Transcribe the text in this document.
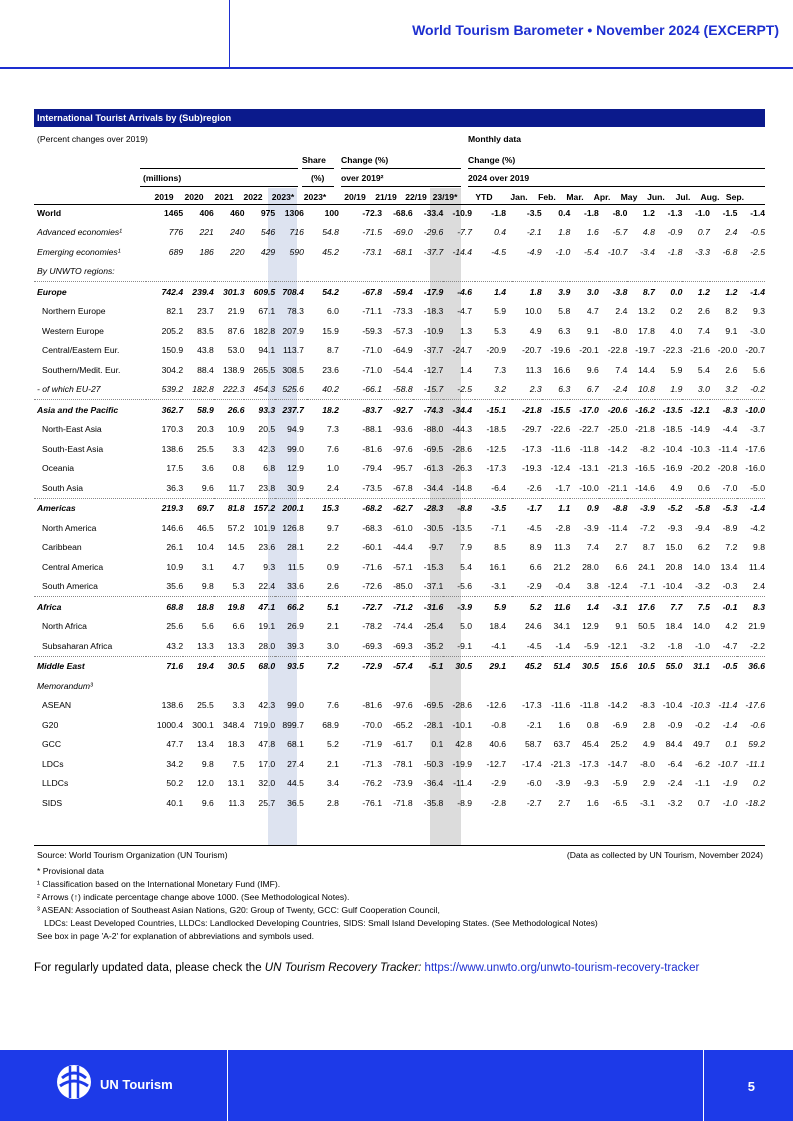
World Tourism Barometer • November 2024 (EXCERPT)
International Tourist Arrivals by (Sub)region
(Percent changes over 2019)	Monthly data
Share Change (%)	Change (%)
(millions)	(%) over 2019²	2024 over 2019
2019	2020	2021	2022	2023*	2023*	20/19	21/19 22/19 23/19*	YTD	Jan.	Feb.	Mar.	Apr.	May	Jun.	Jul.	Aug. Sep.
World	1465	406	460	975	1306	100	-72.3	-68.6	-33.4	-10.9	-1.8	-3.5	0.4	-1.8	-8.0	1.2	-1.3	-1.0	-1.5	-1.4
Advanced economies¹	776	221	240	546	716	54.8	-71.5	-69.0	-29.6	-7.7	0.4	-2.1	1.8	1.6	-5.7	4.8	-0.9	0.7	2.4	-0.5
Emerging economies¹	689	186	220	429	590	45.2	-73.1	-68.1	-37.7	-14.4	-4.5	-4.9	-1.0	-5.4	-10.7	-3.4	-1.8	-3.3	-6.8	-2.5
By UNWTO regions:																				
Europe	742.4	239.4	301.3	609.5	708.4	54.2	-67.8	-59.4	-17.9	-4.6	1.4	1.8	3.9	3.0	-3.8	8.7	0.0	1.2	1.2	-1.4
Northern Europe	82.1	23.7	21.9	67.1	78.3	6.0	-71.1	-73.3	-18.3	-4.7	5.9	10.0	5.8	4.7	2.4	13.2	0.2	2.6	8.2	9.3
Western Europe	205.2	83.5	87.6	182.8	207.9	15.9	-59.3	-57.3	-10.9	1.3	5.3	4.9	6.3	9.1	-8.0	17.8	4.0	7.4	9.1	-3.0
Central/Eastern Eur.	150.9	43.8	53.0	94.1	113.7	8.7	-71.0	-64.9	-37.7	-24.7	-20.9	-20.7	-19.6	-20.1	-22.8	-19.7	-22.3	-21.6	-20.0	-20.7
Southern/Medit. Eur.	304.2	88.4	138.9	265.5	308.5	23.6	-71.0	-54.4	-12.7	1.4	7.3	11.3	16.6	9.6	7.4	14.4	5.9	5.4	2.6	5.6
- of which EU-27	539.2	182.8	222.3	454.3	525.6	40.2	-66.1	-58.8	-15.7	-2.5	3.2	2.3	6.3	6.7	-2.4	10.8	1.9	3.0	3.2	-0.2
Asia and the Pacific	362.7	58.9	26.6	93.3	237.7	18.2	-83.7	-92.7	-74.3	-34.4	-15.1	-21.8	-15.5	-17.0	-20.6	-16.2	-13.5	-12.1	-8.3	-10.0
North-East Asia	170.3	20.3	10.9	20.5	94.9	7.3	-88.1	-93.6	-88.0	-44.3	-18.5	-29.7	-22.6	-22.7	-25.0	-21.8	-18.5	-14.9	-4.4	-3.7
South-East Asia	138.6	25.5	3.3	42.3	99.0	7.6	-81.6	-97.6	-69.5	-28.6	-12.5	-17.3	-11.6	-11.8	-14.2	-8.2	-10.4	-10.3	-11.4	-17.6
Oceania	17.5	3.6	0.8	6.8	12.9	1.0	-79.4	-95.7	-61.3	-26.3	-17.3	-19.3	-12.4	-13.1	-21.3	-16.5	-16.9	-20.2	-20.8	-16.0
South Asia	36.3	9.6	11.7	23.8	30.9	2.4	-73.5	-67.8	-34.4	-14.8	-6.4	-2.6	-1.7	-10.0	-21.1	-14.6	4.9	0.6	-7.0	-5.0
Americas	219.3	69.7	81.8	157.2	200.1	15.3	-68.2	-62.7	-28.3	-8.8	-3.5	-1.7	1.1	0.9	-8.8	-3.9	-5.2	-5.8	-5.3	-1.4
North America	146.6	46.5	57.2	101.9	126.8	9.7	-68.3	-61.0	-30.5	-13.5	-7.1	-4.5	-2.8	-3.9	-11.4	-7.2	-9.3	-9.4	-8.9	-4.2
Caribbean	26.1	10.4	14.5	23.6	28.1	2.2	-60.1	-44.4	-9.7	7.9	8.5	8.9	11.3	7.4	2.7	8.7	15.0	6.2	7.2	9.8
Central America	10.9	3.1	4.7	9.3	11.5	0.9	-71.6	-57.1	-15.3	5.4	16.1	6.6	21.2	28.0	6.6	24.1	20.8	14.0	13.4	11.4
South America	35.6	9.8	5.3	22.4	33.6	2.6	-72.6	-85.0	-37.1	-5.6	-3.1	-2.9	-0.4	3.8	-12.4	-7.1	-10.4	-3.2	-0.3	2.4
Africa	68.8	18.8	19.8	47.1	66.2	5.1	-72.7	-71.2	-31.6	-3.9	5.9	5.2	11.6	1.4	-3.1	17.6	7.7	7.5	-0.1	8.3
North Africa	25.6	5.6	6.6	19.1	26.9	2.1	-78.2	-74.4	-25.4	5.0	18.4	24.6	34.1	12.9	9.1	50.5	18.4	14.0	4.2	21.9
Subsaharan Africa	43.2	13.3	13.3	28.0	39.3	3.0	-69.3	-69.3	-35.2	-9.1	-4.1	-4.5	-1.4	-5.9	-12.1	-3.2	-1.8	-1.0	-4.7	-2.2
Middle East	71.6	19.4	30.5	68.0	93.5	7.2	-72.9	-57.4	-5.1	30.5	29.1	45.2	51.4	30.5	15.6	10.5	55.0	31.1	-0.5	36.6
Memorandum³																				
ASEAN	138.6	25.5	3.3	42.3	99.0	7.6	-81.6	-97.6	-69.5	-28.6	-12.6	-17.3	-11.6	-11.8	-14.2	-8.3	-10.4	-10.3	-11.4	-17.6
G20	1000.4	300.1	348.4	719.0	899.7	68.9	-70.0	-65.2	-28.1	-10.1	-0.8	-2.1	1.6	0.8	-6.9	2.8	-0.9	-0.2	-1.4	-0.6
GCC	47.7	13.4	18.3	47.8	68.1	5.2	-71.9	-61.7	0.1	42.8	40.6	58.7	63.7	45.4	25.2	4.9	84.4	49.7	0.1	59.2
LDCs	34.2	9.8	7.5	17.0	27.4	2.1	-71.3	-78.1	-50.3	-19.9	-12.7	-17.4	-21.3	-17.3	-14.7	-8.0	-6.4	-6.2	-10.7	-11.1
LLDCs	50.2	12.0	13.1	32.0	44.5	3.4	-76.2	-73.9	-36.4	-11.4	-2.9	-6.0	-3.9	-9.3	-5.9	2.9	-2.4	-1.1	-1.9	0.2
SIDS	40.1	9.6	11.3	25.7	36.5	2.8	-76.1	-71.8	-35.8	-8.9	-2.8	-2.7	2.7	1.6	-6.5	-3.1	-3.2	0.7	-1.0	-18.2
Source: World Tourism Organization (UN Tourism)	(Data as collected by UN Tourism, November 2024)
* Provisional data
¹ Classification based on the International Monetary Fund (IMF).
² Arrows (↑) indicate percentage change above 1000. (See Methodological Notes).
³ ASEAN: Association of Southeast Asian Nations, G20: Group of Twenty, GCC: Gulf Cooperation Council,
LDCs: Least Developed Countries, LLDCs: Landlocked Developing Countries, SIDS: Small Island Developing States. (See Methodological Notes)
See box in page 'A-2' for explanation of abbreviations and symbols used.
For regularly updated data, please check the UN Tourism Recovery Tracker: https://www.unwto.org/unwto-tourism-recovery-tracker
UN Tourism	5
